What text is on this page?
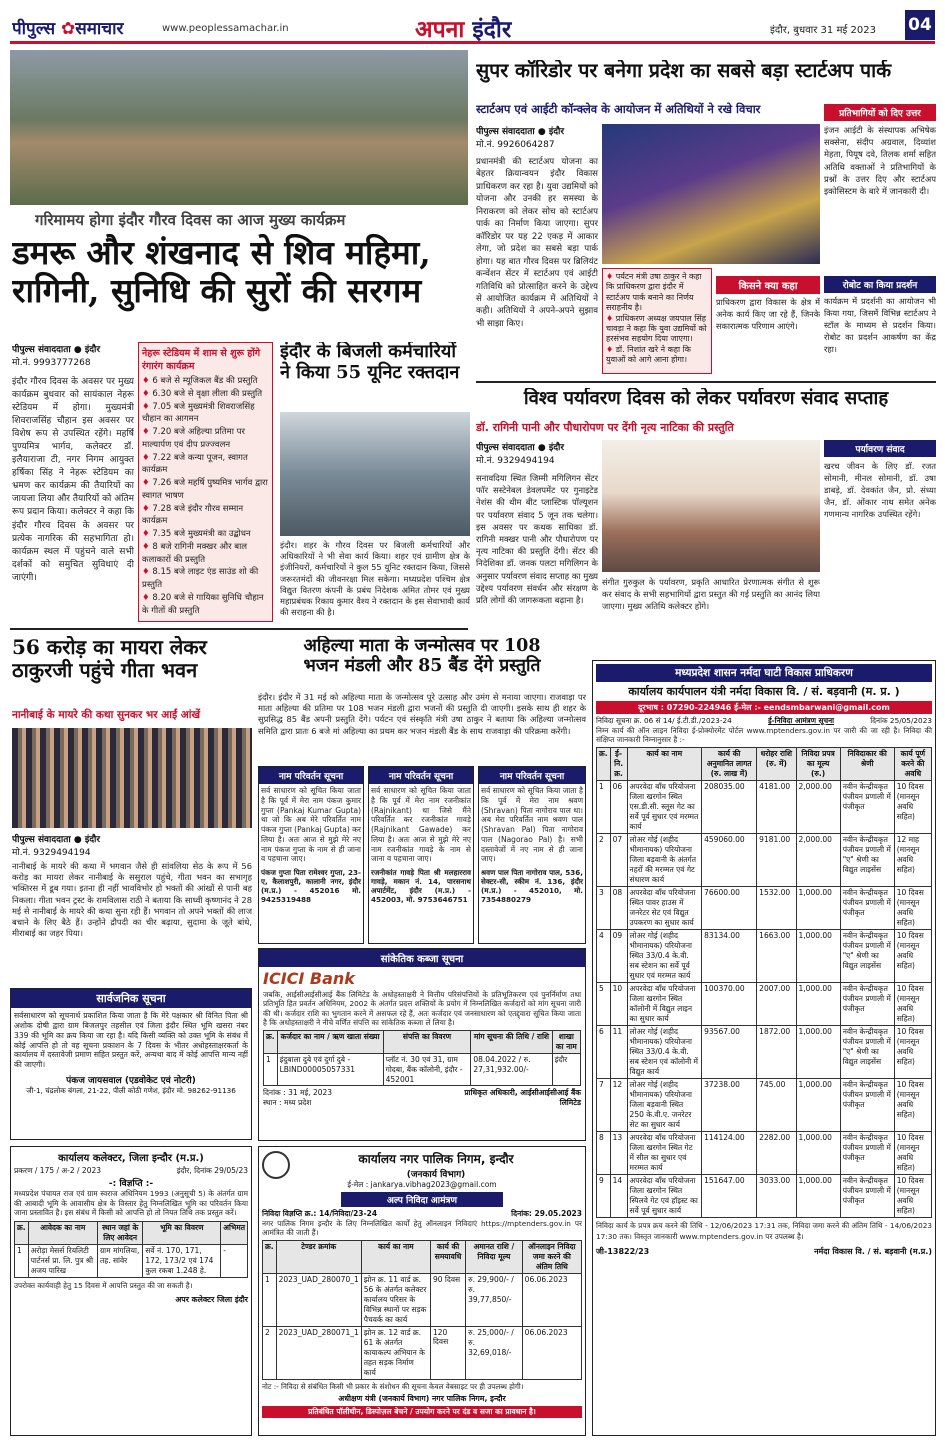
पीपुल्स ✿समाचार	www.peoplessamachar.in	अपना इंदौर	इंदौर, बुधवार 31 मई 2023	04
गरिमामय होगा इंदौर गौरव दिवस का आज मुख्य कार्यक्रम
डमरू और शंखनाद से शिव महिमा,
रागिनी, सुनिधि की सुरों की सरगम
पीपुल्स संवाददाता ● इंदौर
मो.नं. 9993777268
इंदौर गौरव दिवस के अवसर पर मुख्य कार्यक्रम बुधवार को सायंकाल नेहरू स्टेडियम में होगा। मुख्यमंत्री शिवराजसिंह चौहान इस अवसर पर विशेष रूप से उपस्थित रहेंगे। महर्षि पुण्यमित्र भार्गव, कलेक्टर डॉ. इलैयाराजा टी, नगर निगम आयुक्त हर्षिका सिंह ने नेहरू स्टेडियम का भ्रमण कर कार्यक्रम की तैयारियों का जायजा लिया और तैयारियों को अंतिम रूप प्रदान किया। कलेक्टर ने कहा कि इंदौर गौरव दिवस के अवसर पर प्रत्येक नागरिक की सहभागिता हो। कार्यक्रम स्थल में पहुंचने वाले सभी दर्शकों को समुचित सुविधाएं दी जाएंगी।
नेहरू स्टेडियम में शाम से शुरू होंगे रंगारंग कार्यक्रम
♦ 6 बजे से म्यूजिकल बैंड की प्रस्तुति
♦ 6.30 बजे से वृक्षा लीला की प्रस्तुति
♦ 7.05 बजे मुख्यमंत्री शिवराजसिंह चौहान का आगमन
♦ 7.20 बजे अहिल्या प्रतिमा पर माल्यार्पण एवं दीप प्रज्ज्वलन
♦ 7.22 बजे कन्या पूजन, स्वागत कार्यक्रम
♦ 7.26 बजे महर्षि पुष्यमित्र भार्गव द्वारा स्वागत भाषण
♦ 7.28 बजे इंदौर गौरव सम्मान कार्यक्रम
♦ 7.35 बजे मुख्यमंत्री का उद्बोधन
♦ 8 बजे रागिनी मक्खर और बाल कलाकारों की प्रस्तुति
♦ 8.15 बजे लाइट एंड साउंड शो की प्रस्तुति
♦ 8.20 बजे से गायिका सुनिधि चौहान के गीतों की प्रस्तुति
इंदौर के बिजली कर्मचारियों ने किया 55 यूनिट रक्तदान
इंदौर। शहर के गौरव दिवस पर बिजली कर्मचारियों और अधिकारियों ने भी सेवा कार्य किया। शहर एवं ग्रामीण क्षेत्र के इंजीनियरों, कर्मचारियों ने कुल 55 यूनिट रक्तदान किया, जिससे जरूरतमंदों की जीवनरक्षा मिल सकेगा। मध्यप्रदेश पश्चिम क्षेत्र विद्युत वितरण कंपनी के प्रबंध निदेशक अमित तोमर एवं मुख्य महाप्रबंधक रिकाय कुमार वैश्य ने रक्तदान के इस सेवाभावी कार्य की सराहना की है।
सुपर कॉरिडोर पर बनेगा प्रदेश का सबसे बड़ा स्टार्टअप पार्क
स्टार्टअप एवं आईटी कॉन्क्लेव के आयोजन में अतिथियों ने रखे विचार
पीपुल्स संवाददाता ● इंदौर
मो.नं. 9926064287
प्रधानमंत्री की स्टार्टअप योजना का बेहतर क्रियान्वयन इंदौर विकास प्राधिकरण कर रहा है। युवा उद्यमियों को योजना और उनकी हर समस्या के निराकरण को लेकर सोच को स्टार्टअप पार्क का निर्माण किया जाएगा। सुपर कॉरिडोर पर यह 22 एकड़ में आकार लेगा, जो प्रदेश का सबसे बड़ा पार्क होगा। यह बात गौरव दिवस पर ब्रिलियंट कन्वेंशन सेंटर में स्टार्टअप एवं आईटी गतिविधि को प्रोत्साहित करने के उद्देश्य से आयोजित कार्यक्रम में अतिथियों ने कही। अतिथियों ने अपने-अपने सुझाव भी साझा किए।
प्रतिभागियों को दिए उत्तर
इंजन आईटी के संस्थापक अभिषेक सक्सेना, संदीप अग्रवाल, दिव्यांश मेहता, पियूष दवे, तिलक शर्मा सहित अतिथि वक्ताओं ने प्रतिभागियों के प्रश्नों के उत्तर दिए और स्टार्टअप इकोसिस्टम के बारे में जानकारी दी।
♦ पर्यटन मंत्री उषा ठाकुर ने कहा कि प्राधिकरण द्वारा इंदौर में स्टार्टअप पार्क बनाने का निर्णय सराहनीय है।
♦ प्राधिकरण अध्यक्ष जयपाल सिंह चावड़ा ने कहा कि युवा उद्यमियों को हरसंभव सहयोग दिया जाएगा।
♦ डॉ. निशांत खरे ने कहा कि युवाओं को आगे आना होगा।
किसने क्या कहा
प्राधिकरण द्वारा विकास के क्षेत्र में अनेक कार्य किए जा रहे हैं, जिनके सकारात्मक परिणाम आएंगे।
रोबोट का किया प्रदर्शन
कार्यक्रम में प्रदर्शनी का आयोजन भी किया गया, जिसमें विभिन्न स्टार्टअप ने स्टॉल के माध्यम से प्रदर्शन किया। रोबोट का प्रदर्शन आकर्षण का केंद्र रहा।
विश्व पर्यावरण दिवस को लेकर पर्यावरण संवाद सप्ताह
डॉ. रागिनी पानी और पौधारोपण पर देंगी नृत्य नाटिका की प्रस्तुति
पीपुल्स संवाददाता ● इंदौर
मो.नं. 9329494194
सनावदिया स्थित जिम्मी मगिलिगन सेंटर फॉर सस्टेनेबल डेवलपमेंट पर गुनाइटेड नेशंस की थीम बीट प्लास्टिक पॉल्यूशन पर पर्यावरण संवाद 5 जून तक चलेगा। इस अवसर पर कथक साधिका डॉ. रागिनी मक्खर पानी और पौधारोपण पर नृत्य नाटिका की प्रस्तुति देंगी। सेंटर की निदेशिका डॉ. जनक पलटा मगिलिगन के अनुसार पर्यावरण संवाद सप्ताह का मुख्य उद्देश्य पर्यावरण संवर्धन और संरक्षण के प्रति लोगों की जागरूकता बढ़ाना है।
संगीत गुरुकुल के पर्यावरण, प्रकृति आधारित प्रेरणात्मक संगीत से शुरू कर संवाद के सभी सहभागियों द्वारा प्रस्तुत की गई प्रस्तुति का आनंद लिया जाएगा। मुख्य अतिथि कलेक्टर होंगे।
पर्यावरण संवाद
खरच जीवन के लिए डॉ. रजत सोमानी, मीनल सोमानी, डॉ. उषा डाबड़े, डॉ. देवकांत जैन, प्रो. संध्या जैन, डॉ. ओंकार नाथ समेत अनेक गणमान्य नागरिक उपस्थित रहेंगे।
56 करोड़ का मायरा लेकर
ठाकुरजी पहुंचे गीता भवन
नानीबाई के मायरे की कथा सुनकर भर आईं आंखें
पीपुल्स संवाददाता ● इंदौर
मो.नं. 9329494194
नानीबाई के मायरे की कथा में भगवान जैसे ही सांवलिया सेठ के रूप में 56 करोड़ का मायरा लेकर नानीबाई के ससुराल पहुंचे, गीता भवन का सभागृह भक्तिरस में डूब गया। इतना ही नहीं भावविभोर हो भक्तों की आंखों से पानी बह निकला। गीता भवन ट्रस्ट के रामविलास राठी ने बताया कि साध्वी कृष्णानंद ने 28 मई से नानीबाई के मायरे की कथा सुना रही हैं। भगवान तो अपने भक्तों की लाज बचाने के लिए बैठे हैं। उन्होंने द्रौपदी का चीर बढ़ाया, सुदामा के जूते बांधे, मीराबाई का जहर पिया।
अहिल्या माता के जन्मोत्सव पर 108
भजन मंडली और 85 बैंड देंगे प्रस्तुति
इंदौर। इंदौर में 31 मई को अहिल्या माता के जन्मोत्सव पूरे उत्साह और उमंग से मनाया जाएगा। राजवाड़ा पर माता अहिल्या की प्रतिमा पर 108 भजन मंडली द्वारा भजनों की प्रस्तुति दी जाएगी। इसके साथ ही शहर के सुप्रसिद्ध 85 बैंड अपनी प्रस्तुति देंगे। पर्यटन एवं संस्कृति मंत्री उषा ठाकुर ने बताया कि अहिल्या जन्मोत्सव समिति द्वारा प्रातः 6 बजे मां अहिल्या का प्रथम कर भजन मंडली बैंड के साथ राजवाड़ा की परिक्रमा करेंगी।
नाम परिवर्तन सूचना
सर्व साधारण को सूचित किया जाता है कि पूर्व में मेरा नाम पंकज कुमार गुप्ता (Pankaj Kumar Gupta) था जो कि अब मेरे परिवर्तित नाम पंकज गुप्ता (Pankaj Gupta) कर लिया है। अतः आज से मुझे मेरे नए नाम पंकज गुप्ता के नाम से ही जाना व पहचाना जाए।
पंकज गुप्ता पिता रामेश्वर गुप्ता, 23-ए, कैलाशपुरी, कालानी नगर, इंदौर (म.प्र.) - 452016 मो. 9425319488
नाम परिवर्तन सूचना
सर्व साधारण को सूचित किया जाता है कि पूर्व में मेरा नाम रजनीकांत (Rajnikant) था जिसे मैंने परिवर्तित कर रजनीकांत गावड़े (Rajnikant Gawade) कर लिया है। अतः आज से मुझे मेरे नए नाम रजनीकांत गावड़े के नाम से जाना व पहचाना जाए।
रजनीकांत गावड़े पिता श्री मलहारराव गावड़े, मकान नं. 14, पारसनाथ अपार्टमेंट, इंदौर (म.प्र.) - 452003, मो. 9753646751
नाम परिवर्तन सूचना
सर्व साधारण को सूचित किया जाता है कि पूर्व में मेरा नाम श्रवण (Shravan) पिता नागोराव पाल था। अब मेरा परिवर्तित नाम श्रवण पाल (Shravan Pal) पिता नागोराव पाल (Nagorao Pal) है। सभी दस्तावेजों में नए नाम से ही जाना जाए।
श्रवण पाल पिता नागोराव पाल, 536, सेक्टर-सी, स्कीम नं. 136, इंदौर (म.प्र.) - 452010, मो. 7354880279
सांकेतिक कब्जा सूचना
ICICI Bank
जबकि, आईसीआईसीआई बैंक लिमिटेड के अधोहस्ताक्षरी ने वित्तीय परिसंपत्तियों के प्रतिभूतिकरण एवं पुनर्निर्माण तथा प्रतिभूति हित प्रवर्तन अधिनियम, 2002 के अंतर्गत प्रदत्त शक्तियों के प्रयोग में निम्नलिखित कर्जदारों को मांग सूचना जारी की थी। कर्जदार राशि का भुगतान करने में असफल रहे हैं, अतः कर्जदार एवं जनसाधारण को एतद्द्वारा सूचित किया जाता है कि अधोहस्ताक्षरी ने नीचे वर्णित संपत्ति का सांकेतिक कब्जा ले लिया है।
क्र.	कर्जदार का नाम / ऋण खाता संख्या	संपत्ति का विवरण	मांग सूचना की तिथि / राशि	शाखा का नाम
1	इंदुबाला दुबे एवं दुर्गा दुबे - LBIND00005057331	प्लॉट नं. 30 एवं 31, ग्राम गोदबा, बैंक कॉलोनी, इंदौर - 452001	08.04.2022 / रु. 27,31,932.00/-	इंदौर
दिनांक : 31 मई, 2023
स्थान : मध्य प्रदेश
प्राधिकृत अधिकारी, आईसीआईसीआई बैंक लिमिटेड
सार्वजनिक सूचना
सर्वसाधारण को सूचनार्थ प्रकाशित किया जाता है कि मेरे पक्षकार श्री विनित पिता श्री अशोक दोषी द्वारा ग्राम बिजलपुर तहसील एवं जिला इंदौर स्थित भूमि खसरा नंबर 339 की भूमि का क्रय किया जा रहा है। यदि किसी व्यक्ति को उक्त भूमि के संबंध में कोई आपत्ति हो तो वह सूचना प्रकाशन के 7 दिवस के भीतर अधोहस्ताक्षरकर्ता के कार्यालय में दस्तावेजी प्रमाण सहित प्रस्तुत करें, अन्यथा बाद में कोई आपत्ति मान्य नहीं की जाएगी।
पंकज जायसवाल (एडवोकेट एवं नोटरी)
जी-1, चंद्रलोक बंगला, 21-22, पीली कोठी गणेश, इंदौर मो. 98262-91136
कार्यालय कलेक्टर, जिला इन्दौर (म.प्र.)
प्रकरण / 175 / अ-2 / 2023	इंदौर, दिनांक 29/05/23
-: विज्ञप्ति :-
मध्यप्रदेश पंचायत राज एवं ग्राम स्वराज अधिनियम 1993 (अनुसूची 5) के अंतर्गत ग्राम की आबादी भूमि के आवासीय क्षेत्र के विस्तार हेतु निम्नलिखित भूमि का परिवर्तन किया जाना प्रस्तावित है। इस संबंध में किसी को आपत्ति हो तो नियत तिथि तक प्रस्तुत करें।
क्र.	आवेदक का नाम	स्थान जहां के लिए आवेदन	भूमि का विवरण	अभिमत
1	अरोड़ा मेसर्स रियलिटी पार्टनर्स प्रा. लि. पुत्र श्री अजय पारिख	ग्राम मांगलिया, तह. सांवेर	सर्वे नं. 170, 171, 172, 173/2 एवं 174 कुल रकबा 1.248 हे.	-
उपरोक्त कार्यवाही हेतु 15 दिवस में आपत्ति प्रस्तुत की जा सकती है।
अपर कलेक्टर जिला इंदौर
कार्यालय नगर पालिक निगम, इन्दौर
(जनकार्य विभाग)
ई-मेल : jankarya.vibhag2023@gmail.com
अल्प निविदा आमंत्रण
निविदा विज्ञप्ति क्र.: 14/निविदा/23-24	दिनांक: 29.05.2023
नगर पालिक निगम इन्दौर के लिए निम्नलिखित कार्यों हेतु ऑनलाइन निविदाएं https://mptenders.gov.in पर आमंत्रित की जाती हैं।
क्र.	टेण्डर क्रमांक	कार्य का नाम	कार्य की समयावधि	अमानत राशि / निविदा मूल्य	ऑनलाइन निविदा जमा करने की अंतिम तिथि
1	2023_UAD_280070_1	झोन क्र. 11 वार्ड क्र. 56 के अंतर्गत कलेक्टर कार्यालय परिसर के विभिन्न स्थानों पर सड़क पैचवर्क का कार्य	90 दिवस	रु. 29,900/- / रु. 39,77,850/-	06.06.2023
2	2023_UAD_280071_1	झोन क्र. 12 वार्ड क्र. 61 के अंतर्गत कायाकल्प अभियान के तहत सड़क निर्माण कार्य	120 दिवस	रु. 25,000/- / रु. 32,69,018/-	06.06.2023
नोट :- निविदा से संबंधित किसी भी प्रकार के संशोधन की सूचना केवल वेबसाइट पर ही उपलब्ध होगी।
अधीक्षण यंत्री (जनकार्य विभाग) नगर पालिक निगम, इन्दौर
प्रतिबंधित पॉलीथीन, डिस्पोज़ल बेचने / उपयोग करने पर दंड व सजा का प्रावधान है।
मध्यप्रदेश शासन नर्मदा घाटी विकास प्राधिकरण
कार्यालय कार्यपालन यंत्री नर्मदा विकास वि. / सं. बड़वानी (म. प्र. )
दूरभाष : 07290-224946 ई-मेल :- eendsmbarwani@gmail.com
निविदा सूचना क्र. 06 सं 14/ ई.टी.डी./2023-24	ई-निविदा आमंत्रण सूचना	दिनांक 25/05/2023
निम्न कार्य की ऑन लाइन निविदा ई-प्रोक्योरमेंट पोर्टल www.mptenders.gov.in पर जारी की जा रही है। निविदा की संक्षिप्त जानकारी निम्नानुसार है :-
क्र.	ई-नि. क्र.	कार्य का नाम	कार्य की अनुमानित लागत (रु. लाख में)	धरोहर राशि (रु. में)	निविदा प्रपत्र का मूल्य (रु.)	निविदाकार की श्रेणी	कार्य पूर्ण करने की अवधि
1	06	अपरवेदा बाँध परियोजना जिला खरगोन स्थित एस.डी.सी. स्लूस गेट का सर्वे पूर्व सुधार एवं मरम्मत कार्य	208035.00	4181.00	2,000.00	नवीन केन्द्रीयकृत पंजीयन प्रणाली में पंजीकृत	10 दिवस (मानसून अवधि सहित)
2	07	लोअर गोई (शहीद भीमानायक) परियोजना जिला बड़वानी के अंतर्गत नहरों की मरम्मत एवं गेट संधारण कार्य	459060.00	9181.00	2,000.00	नवीन केन्द्रीयकृत पंजीयन प्रणाली में "ए" श्रेणी का विद्युत लाइसेंस	12 माह (मानसून अवधि सहित)
3	08	अपरवेदा बाँध परियोजना स्थित पावर हाउस में जनरेटर सेट एवं विद्युत उपकरण का सुधार कार्य	76600.00	1532.00	1,000.00	नवीन केन्द्रीयकृत पंजीयन प्रणाली में पंजीकृत	10 दिवस (मानसून अवधि सहित)
4	09	लोअर गोई (शहीद भीमानायक) परियोजना स्थित 33/0.4 के.वी. सब स्टेशन का सर्वे पूर्व सुधार एवं मरम्मत कार्य	83134.00	1663.00	1,000.00	नवीन केन्द्रीयकृत पंजीयन प्रणाली में "ए" श्रेणी का विद्युत लाइसेंस	10 दिवस (मानसून अवधि सहित)
5	10	अपरवेदा बाँध परियोजना जिला खरगोन स्थित कॉलोनी में विद्युत लाइन का सुधार कार्य	100370.00	2007.00	1,000.00	नवीन केन्द्रीयकृत पंजीयन प्रणाली में पंजीकृत	10 दिवस (मानसून अवधि सहित)
6	11	लोअर गोई (शहीद भीमानायक) परियोजना स्थित 33/0.4 के.वी. सब स्टेशन एवं कॉलोनी में विद्युत कार्य	93567.00	1872.00	1,000.00	नवीन केन्द्रीयकृत पंजीयन प्रणाली में "ए" श्रेणी का विद्युत लाइसेंस	10 दिवस (मानसून अवधि सहित)
7	12	लोअर गोई (शहीद भीमानायक) परियोजना जिला बड़वानी स्थित 250 के.वी.ए. जनरेटर सेट का सुधार कार्य	37238.00	745.00	1,000.00	नवीन केन्द्रीयकृत पंजीयन प्रणाली में पंजीकृत	10 दिवस (मानसून अवधि सहित)
8	13	अपरवेदा बाँध परियोजना जिला खरगोन स्थित गेट में सील का सुधार एवं मरम्मत कार्य	114124.00	2282.00	1,000.00	नवीन केन्द्रीयकृत पंजीयन प्रणाली में पंजीकृत	10 दिवस (मानसून अवधि सहित)
9	14	अपरवेदा बाँध परियोजना जिला खरगोन स्थित स्पिलवे गेट एवं हॉइस्ट का सर्वे पूर्व सुधार कार्य	151647.00	3033.00	1,000.00	नवीन केन्द्रीयकृत पंजीयन प्रणाली में पंजीकृत	10 दिवस (मानसून अवधि सहित)
निविदा कार्य के प्रपत्र क्रय करने की तिथि - 12/06/2023 17:31 तक, निविदा जमा करने की अंतिम तिथि - 14/06/2023 17:30 तक। विस्तृत जानकारी www.mptenders.gov.in पर उपलब्ध है।
जी-13822/23	नर्मदा विकास वि. / सं. बड़वानी (म.प्र.)
